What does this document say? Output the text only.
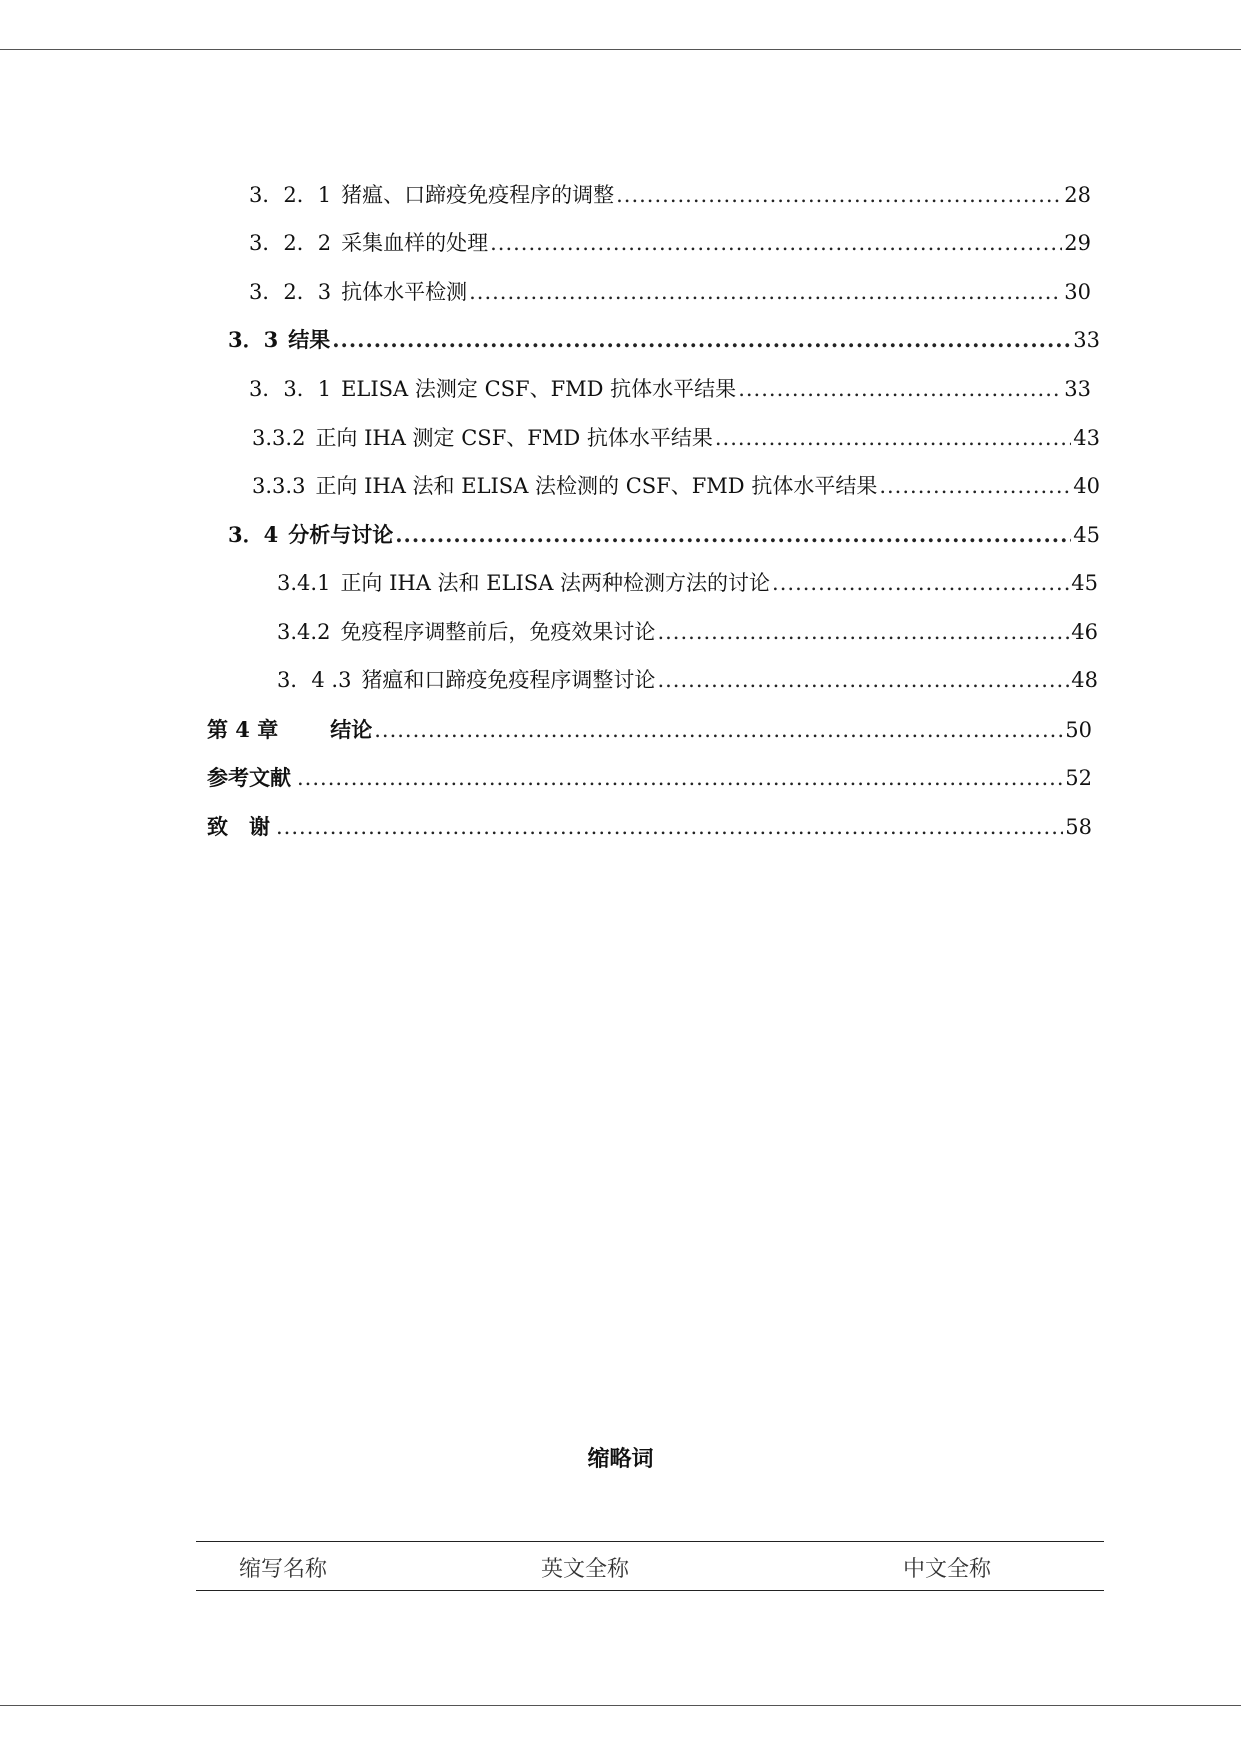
3．2．1 猪瘟、口蹄疫免疫程序的调整 .....	28
3．2．2 采集血样的处理 .....	29
3．2．3 抗体水平检测 .....	30
3．3 结果 .....	33
3．3．1 ELISA 法测定 CSF、FMD 抗体水平结果 .....	33
3.3.2 正向 IHA 测定 CSF、FMD 抗体水平结果 .....	43
3.3.3 正向 IHA 法和 ELISA 法检测的 CSF、FMD 抗体水平结果 .....	40
3．4 分析与讨论 .....	45
3.4.1 正向 IHA 法和 ELISA 法两种检测方法的讨论 .....	45
3.4.2 免疫程序调整前后，免疫效果讨论 .....	46
3．4 .3 猪瘟和口蹄疫免疫程序调整讨论 .....	48
第 4 章 结论 .....	50
参考文献 .....	52
致　谢 .....	58
缩略词
缩写名称	英文全称	中文全称
